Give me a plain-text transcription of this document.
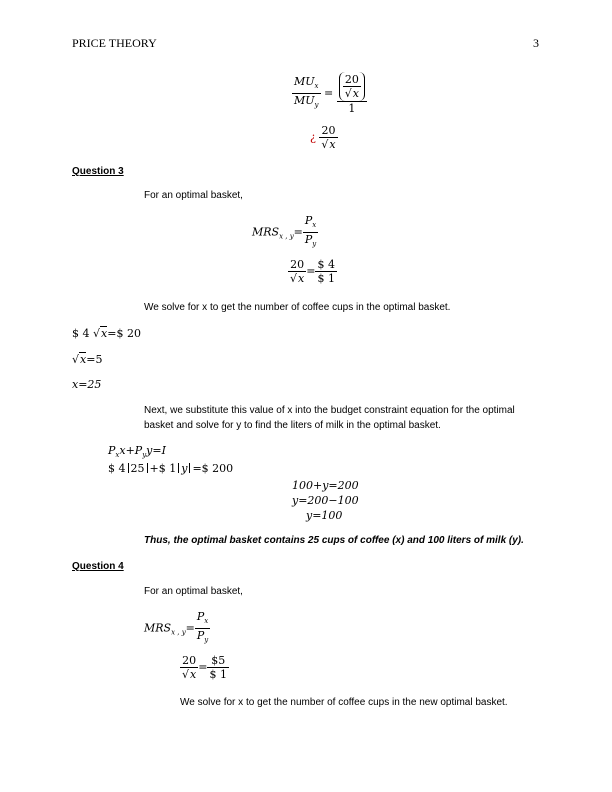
PRICE THEORY	3
$\frac{MU_x}{MU_y} = \frac{\frac{20}{√x}}{1}$
¿ $\frac{20}{√x}$
Question 3
For an optimal basket,
$MRS_{x , y}= \frac{P_x}{P_y}$
$\frac{20}{√x} = \frac{\$ 4}{\$ 1}$
We solve for x to get the number of coffee cups in the optimal basket.
$ 4 √x=$ 20
√x=5
x=25
Next, we substitute this value of x into the budget constraint equation for the optimal
basket and solve for y to find the liters of milk in the optimal basket.
$P_xx+P_yy=I$
$ 4 25 +$ 1 y =$ 200
100+y=200
y=200−100
y=100
Thus, the optimal basket contains 25 cups of coffee (x) and 100 liters of milk (y).
Question 4
For an optimal basket,
$MRS_{x , y}= \frac{P_x}{P_y}$
$\frac{20}{√x} = \frac{\$5}{\$ 1}$
We solve for x to get the number of coffee cups in the new optimal basket.
